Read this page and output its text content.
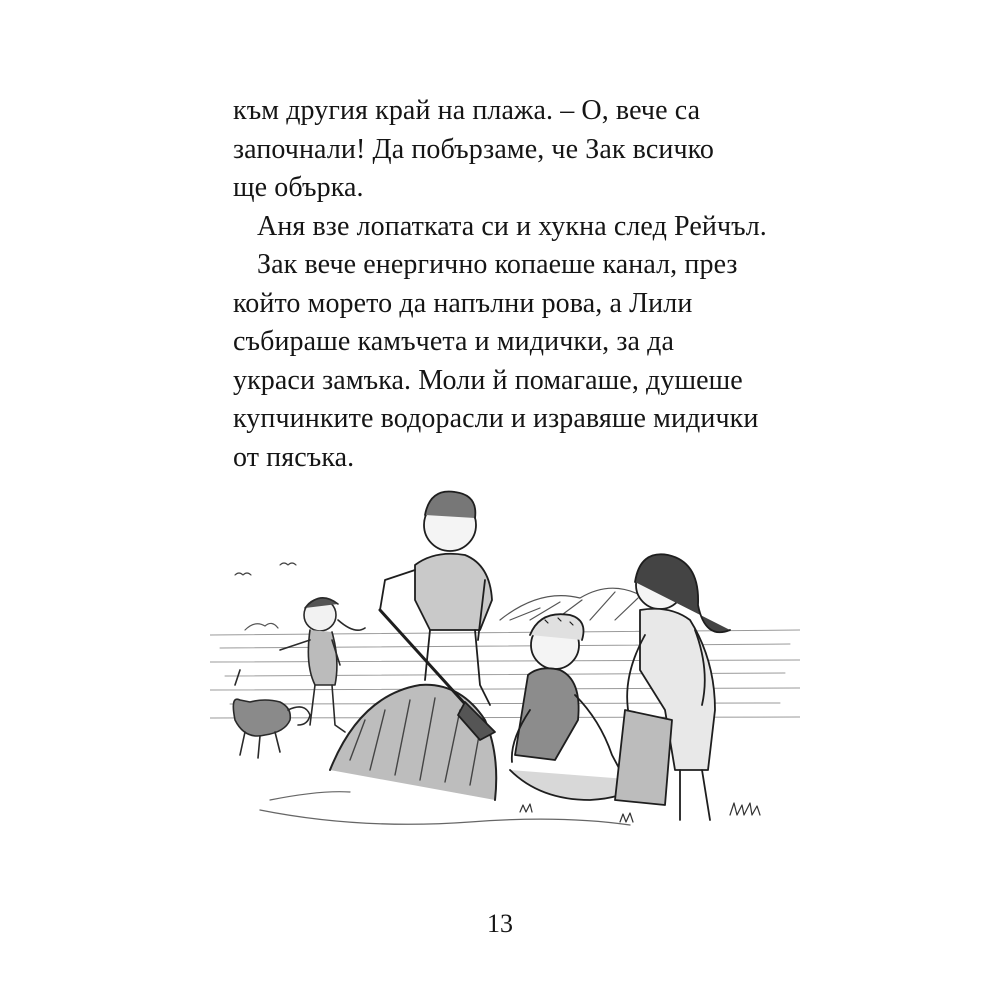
към другия край на плажа. – О, вече са
започнали! Да побързаме, че Зак всичко
ще обърка.
Аня взе лопатката си и хукна след Рейчъл.
Зак вече енергично копаеше канал, през
който морето да напълни рова, а Лили
събираше камъчета и мидички, за да
украси замъка. Моли й помагаше, душеше
купчинките водорасли и изравяше мидички
от пясъка.
13
